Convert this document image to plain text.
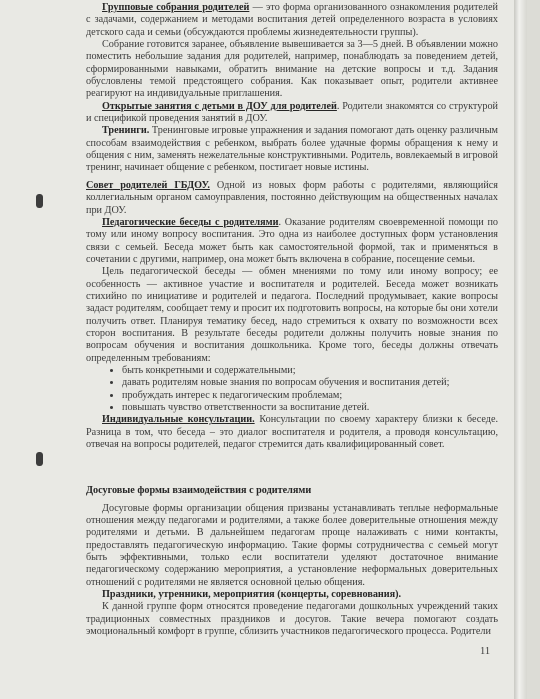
Групповые собрания родителей — это форма организованного ознакомления родителей с задачами, содержанием и методами воспитания детей определенного возраста в условиях детского сада и семьи (обсуждаются проблемы жизнедеятельности группы).

Собрание готовится заранее, объявление вывешивается за 3—5 дней. В объявлении можно поместить небольшие задания для родителей, например, понаблюдать за поведением детей, сформированными навыками, обратить внимание на детские вопросы и т.д. Задания обусловлены темой предстоящего собрания. Как показывает опыт, родители активнее реагируют на индивидуальные приглашения.

Открытые занятия с детьми в ДОУ для родителей. Родители знакомятся со структурой и спецификой проведения занятий в ДОУ.

Тренинги. Тренинговые игровые упражнения и задания помогают дать оценку различным способам взаимодействия с ребенком, выбрать более удачные формы обращения к нему и общения с ним, заменять нежелательные конструктивными. Родитель, вовлекаемый в игровой тренинг, начинает общение с ребенком, постигает новые истины.

Совет родителей ГБДОУ. Одной из новых форм работы с родителями, являющийся коллегиальным органом самоуправления, постоянно действующим на общественных началах при ДОУ.

Педагогические беседы с родителями. Оказание родителям своевременной помощи по тому или иному вопросу воспитания. Это одна из наиболее доступных форм установления связи с семьей. Беседа может быть как самостоятельной формой, так и применяться в сочетании с другими, например, она может быть включена в собрание, посещение семьи.

Цель педагогической беседы — обмен мнениями по тому или иному вопросу; ее особенность — активное участие и воспитателя и родителей. Беседа может возникать стихийно по инициативе и родителей и педагога. Последний продумывает, какие вопросы задаст родителям, сообщает тему и просит их подготовить вопросы, на которые бы они хотели получить ответ. Планируя тематику бесед, надо стремиться к охвату по возможности всех сторон воспитания. В результате беседы родители должны получить новые знания по вопросам обучения и воспитания дошкольника. Кроме того, беседы должны отвечать определенным требованиям:

• быть конкретными и содержательными;
• давать родителям новые знания по вопросам обучения и воспитания детей;
• пробуждать интерес к педагогическим проблемам;
• повышать чувство ответственности за воспитание детей.

Индивидуальные консультации. Консультации по своему характеру близки к беседе. Разница в том, что беседа – это диалог воспитателя и родителя, а проводя консультацию, отвечая на вопросы родителей, педагог стремится дать квалифицированный совет.

Досуговые формы взаимодействия с родителями

Досуговые формы организации общения призваны устанавливать теплые неформальные отношения между педагогами и родителями, а также более доверительные отношения между родителями и детьми. В дальнейшем педагогам проще налаживать с ними контакты, предоставлять педагогическую информацию. Такие формы сотрудничества с семьей могут быть эффективными, только если воспитатели уделяют достаточное внимание педагогическому содержанию мероприятия, а установление неформальных доверительных отношений с родителями не является основной целью общения.

Праздники, утренники, мероприятия (концерты, соревнования).

К данной группе форм относятся проведение педагогами дошкольных учреждений таких традиционных совместных праздников и досугов. Такие вечера помогают создать эмоциональный комфорт в группе, сблизить участников педагогического процесса. Родители

11
